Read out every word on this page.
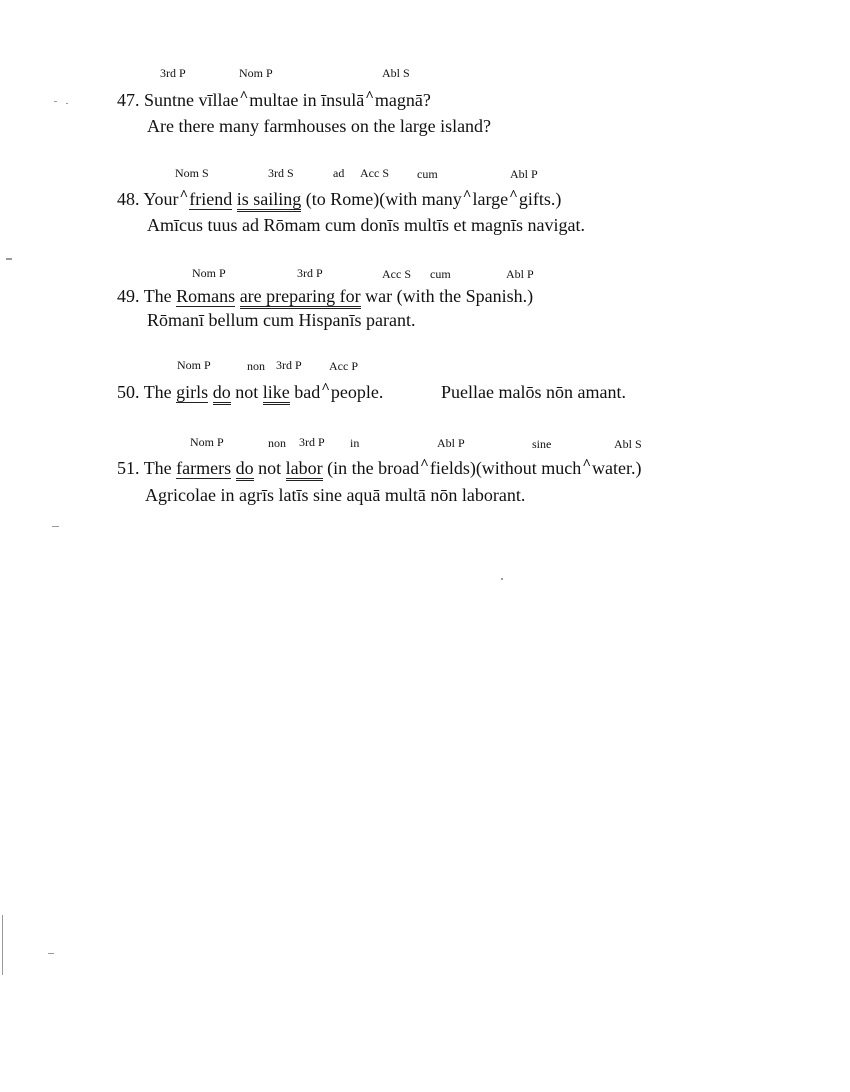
3rd P	Nom P	Abl S
47. Suntne vīllae^multae in īnsulā^magnā?
Are there many farmhouses on the large island?
Nom S	3rd S	ad Acc S cum	Abl P
48. Your^friend is sailing (to Rome)(with many^large^gifts.)
Amīcus tuus ad Rōmam cum donīs multīs et magnīs navigat.
Nom P	3rd P	Acc S cum	Abl P
49. The Romans are preparing for war (with the Spanish.)
Rōmanī bellum cum Hispanīs parant.
Nom P	non 3rd P Acc P
50. The girls do not like bad^people.	Puellae malōs nōn amant.
Nom P	non 3rd P in	Abl P	sine	Abl S
51. The farmers do not labor (in the broad^fields)(without much^water.)
Agricolae in agrīs latīs sine aquā multā nōn laborant.
